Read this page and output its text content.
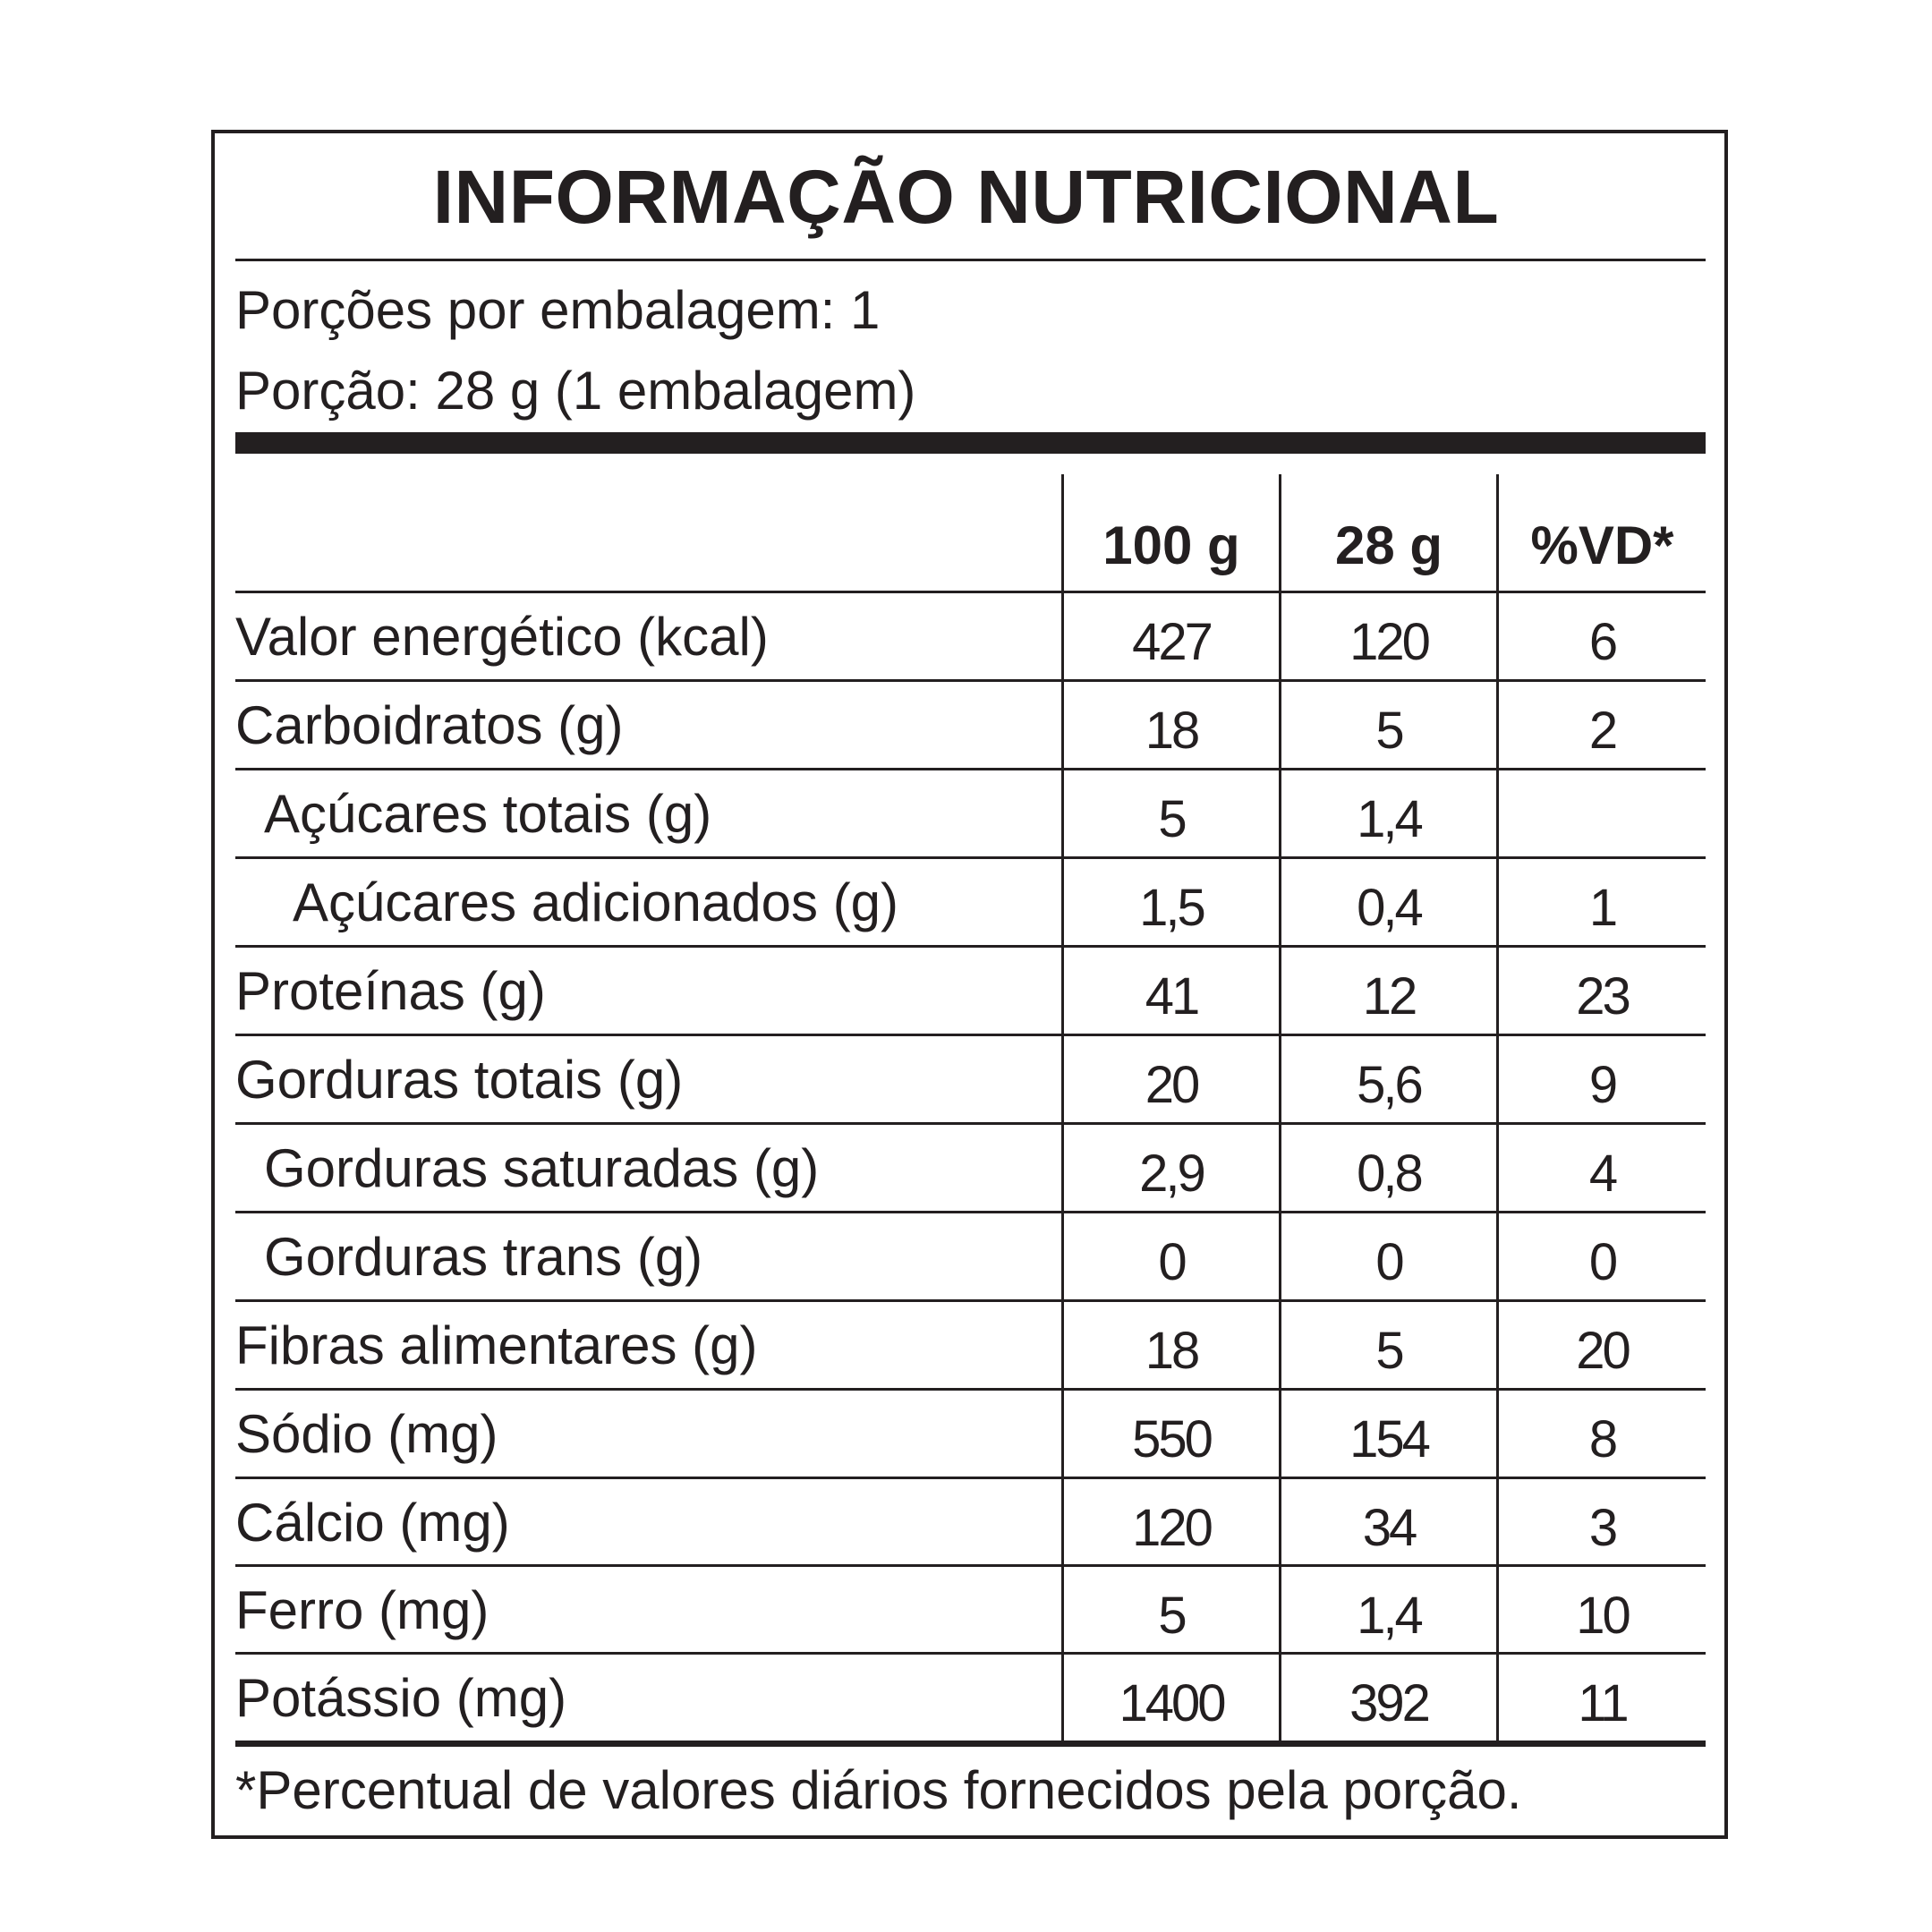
INFORMAÇÃO NUTRICIONAL
Porções por embalagem: 1
Porção: 28 g (1 embalagem)
100 g	28 g	%VD*
Valor energético (kcal)	427	120	6
Carboidratos (g)	18	5	2
Açúcares totais (g)	5	1,4
Açúcares adicionados (g)	1,5	0,4	1
Proteínas (g)	41	12	23
Gorduras totais (g)	20	5,6	9
Gorduras saturadas (g)	2,9	0,8	4
Gorduras trans (g)	0	0	0
Fibras alimentares (g)	18	5	20
Sódio (mg)	550	154	8
Cálcio (mg)	120	34	3
Ferro (mg)	5	1,4	10
Potássio (mg)	1400	392	11
*Percentual de valores diários fornecidos pela porção.
